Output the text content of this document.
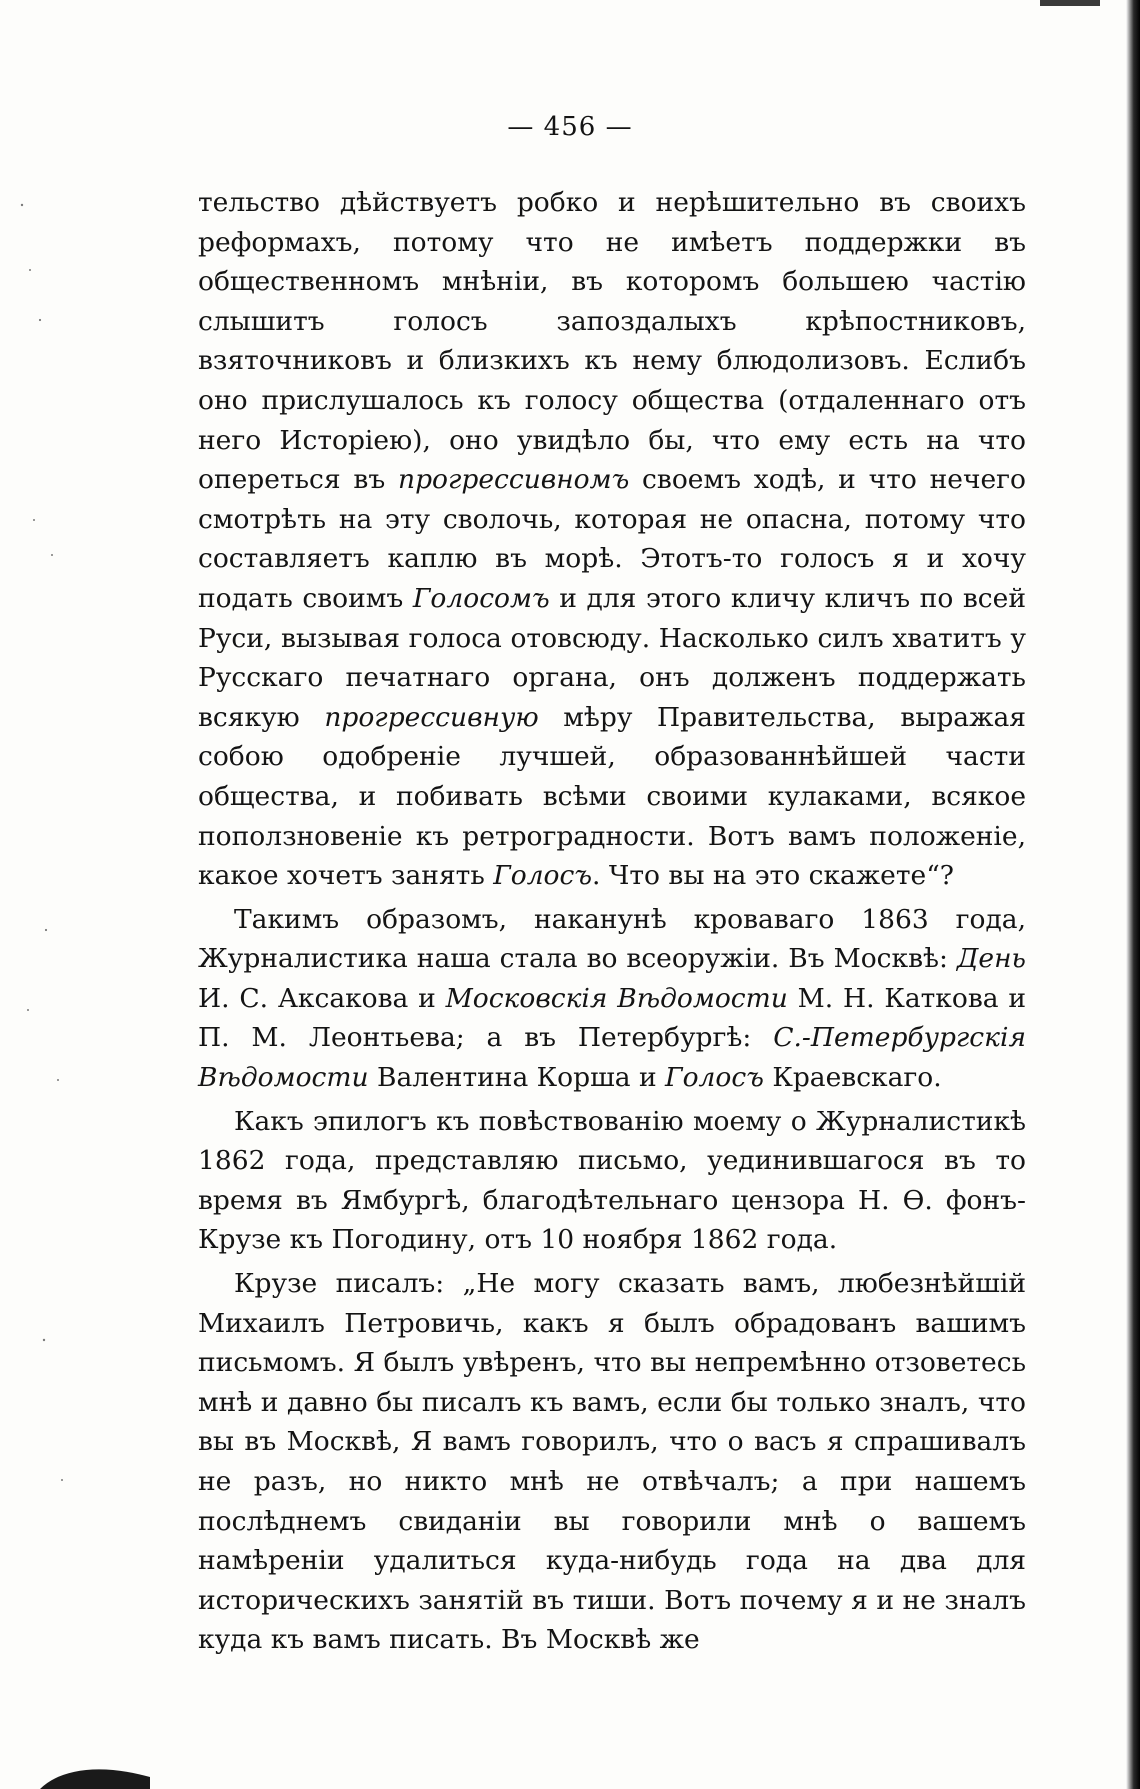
— 456 —

тельство дѣйствуетъ робко и нерѣшительно въ своихъ реформахъ, потому что не имѣетъ поддержки въ общественномъ мнѣніи, въ которомъ большею частію слышитъ голосъ запоздалыхъ крѣпостниковъ, взяточниковъ и близкихъ къ нему блюдолизовъ. Еслибъ оно прислушалось къ голосу общества (отдаленнаго отъ него Исторіею), оно увидѣло бы, что ему есть на что опереться въ прогрессивномъ своемъ ходѣ, и что нечего смотрѣть на эту сволочь, которая не опасна, потому что составляетъ каплю въ морѣ. Этотъ-то голосъ я и хочу подать своимъ Голосомъ и для этого кличу кличъ по всей Руси, вызывая голоса отовсюду. Насколько силъ хватитъ у Русскаго печатнаго органа, онъ долженъ поддержать всякую прогрессивную мѣру Правительства, выражая собою одобреніе лучшей, образованнѣйшей части общества, и побивать всѣми своими кулаками, всякое поползновеніе къ ретроградности. Вотъ вамъ положеніе, какое хочетъ занять Голосъ. Что вы на это скажете“?

Такимъ образомъ, наканунѣ кроваваго 1863 года, Журналистика наша стала во всеоружіи. Въ Москвѣ: День И. С. Аксакова и Московскія Вѣдомости М. Н. Каткова и П. М. Леонтьева; а въ Петербургѣ: С.-Петербургскія Вѣдомости Валентина Корша и Голосъ Краевскаго.

Какъ эпилогъ къ повѣствованію моему о Журналистикѣ 1862 года, представляю письмо, уединившагося въ то время въ Ямбургѣ, благодѣтельнаго цензора Н. Ѳ. фонъ-Крузе къ Погодину, отъ 10 ноября 1862 года.

Крузе писалъ: „Не могу сказать вамъ, любезнѣйшій Михаилъ Петровичь, какъ я былъ обрадованъ вашимъ письмомъ. Я былъ увѣренъ, что вы непремѣнно отзоветесь мнѣ и давно бы писалъ къ вамъ, если бы только зналъ, что вы въ Москвѣ, Я вамъ говорилъ, что о васъ я спрашивалъ не разъ, но никто мнѣ не отвѣчалъ; а при нашемъ послѣднемъ свиданіи вы говорили мнѣ о вашемъ намѣреніи удалиться куда-нибудь года на два для историческихъ занятій въ тиши. Вотъ почему я и не зналъ куда къ вамъ писать. Въ Москвѣ же
